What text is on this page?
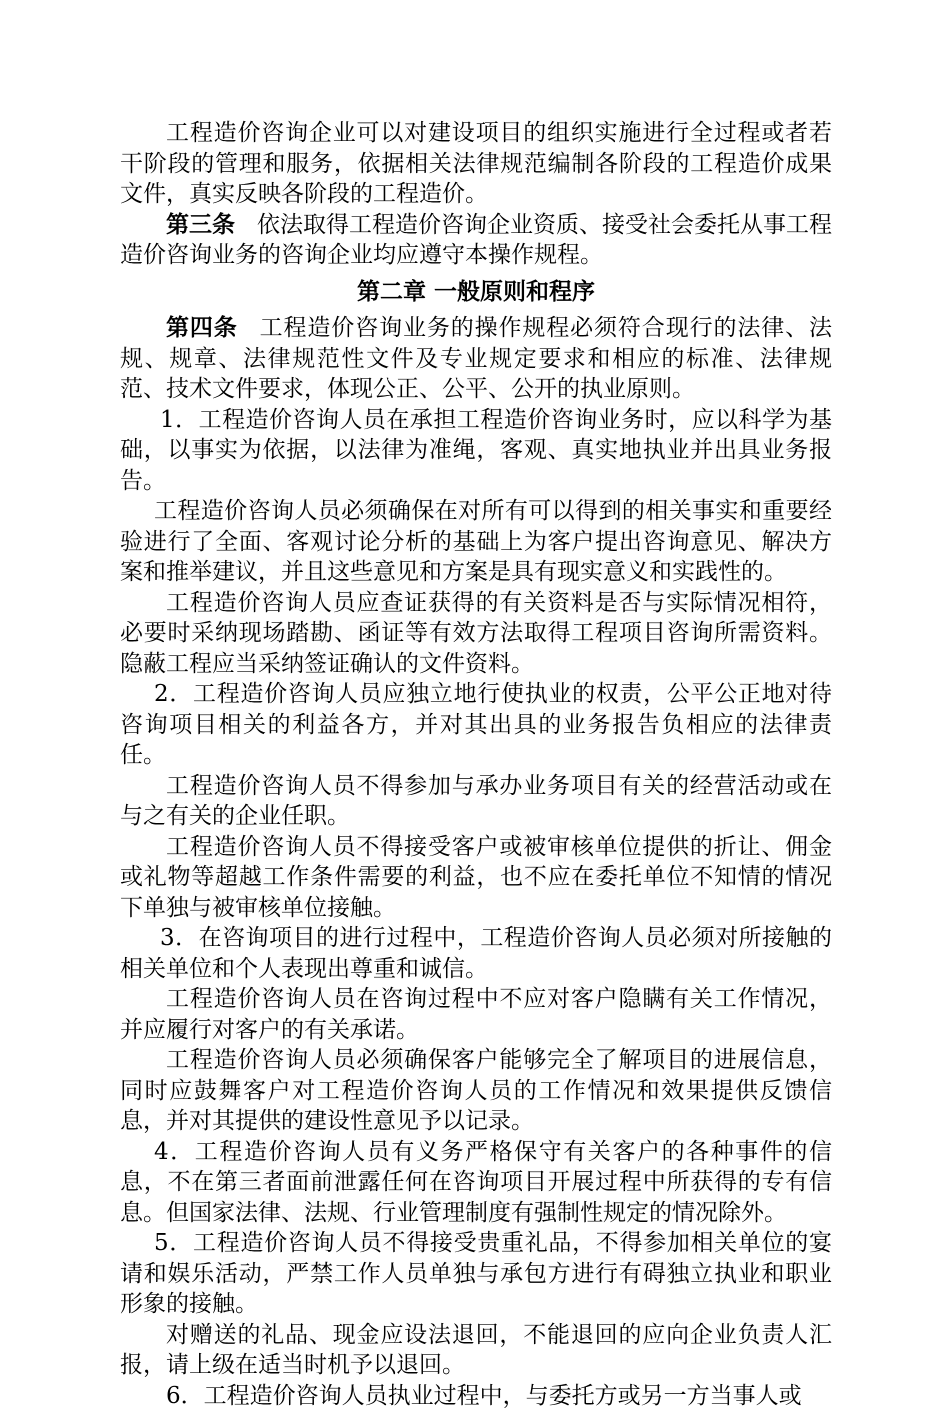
工程造价咨询企业可以对建设项目的组织实施进行全过程或者若干阶段的管理和服务，依据相关法律规范编制各阶段的工程造价成果文件，真实反映各阶段的工程造价。

第三条 依法取得工程造价咨询企业资质、接受社会委托从事工程造价咨询业务的咨询企业均应遵守本操作规程。

第二章 一般原则和程序

第四条 工程造价咨询业务的操作规程必须符合现行的法律、法规、规章、法律规范性文件及专业规定要求和相应的标准、法律规范、技术文件要求，体现公正、公平、公开的执业原则。

1．工程造价咨询人员在承担工程造价咨询业务时，应以科学为基础，以事实为依据，以法律为准绳，客观、真实地执业并出具业务报告。

工程造价咨询人员必须确保在对所有可以得到的相关事实和重要经验进行了全面、客观讨论分析的基础上为客户提出咨询意见、解决方案和推举建议，并且这些意见和方案是具有现实意义和实践性的。

工程造价咨询人员应查证获得的有关资料是否与实际情况相符，必要时采纳现场踏勘、函证等有效方法取得工程项目咨询所需资料。隐蔽工程应当采纳签证确认的文件资料。

2．工程造价咨询人员应独立地行使执业的权责，公平公正地对待咨询项目相关的利益各方，并对其出具的业务报告负相应的法律责任。

工程造价咨询人员不得参加与承办业务项目有关的经营活动或在与之有关的企业任职。

工程造价咨询人员不得接受客户或被审核单位提供的折让、佣金或礼物等超越工作条件需要的利益，也不应在委托单位不知情的情况下单独与被审核单位接触。

3．在咨询项目的进行过程中，工程造价咨询人员必须对所接触的相关单位和个人表现出尊重和诚信。

工程造价咨询人员在咨询过程中不应对客户隐瞒有关工作情况，并应履行对客户的有关承诺。

工程造价咨询人员必须确保客户能够完全了解项目的进展信息，同时应鼓舞客户对工程造价咨询人员的工作情况和效果提供反馈信息，并对其提供的建设性意见予以记录。

4．工程造价咨询人员有义务严格保守有关客户的各种事件的信息，不在第三者面前泄露任何在咨询项目开展过程中所获得的专有信息。但国家法律、法规、行业管理制度有强制性规定的情况除外。

5．工程造价咨询人员不得接受贵重礼品，不得参加相关单位的宴请和娱乐活动，严禁工作人员单独与承包方进行有碍独立执业和职业形象的接触。

对赠送的礼品、现金应设法退回，不能退回的应向企业负责人汇报，请上级在适当时机予以退回。

6．工程造价咨询人员执业过程中，与委托方或另一方当事人或
